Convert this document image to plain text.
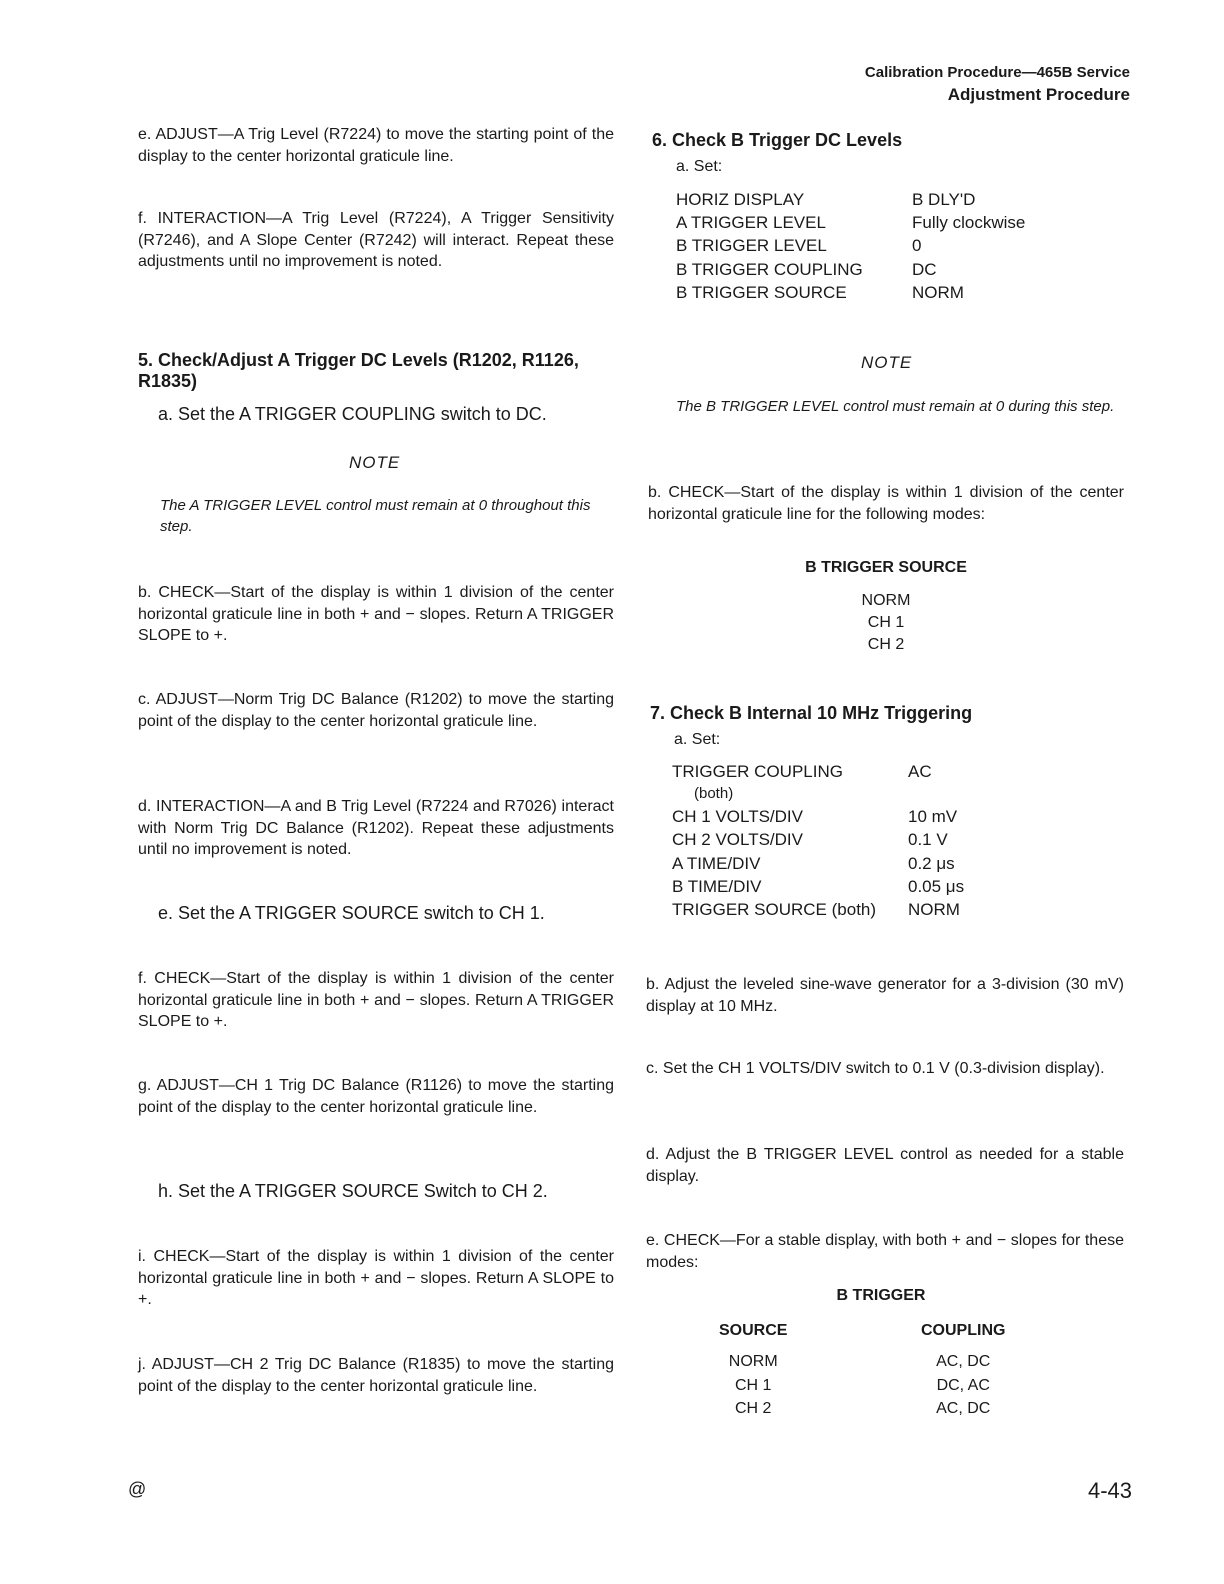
Calibration Procedure—465B Service
Adjustment Procedure
e. ADJUST—A Trig Level (R7224) to move the starting point of the display to the center horizontal graticule line.
f. INTERACTION—A Trig Level (R7224), A Trigger Sensitivity (R7246), and A Slope Center (R7242) will interact. Repeat these adjustments until no improvement is noted.
5. Check/Adjust A Trigger DC Levels (R1202, R1126, R1835)
a. Set the A TRIGGER COUPLING switch to DC.
NOTE
The A TRIGGER LEVEL control must remain at 0 throughout this step.
b. CHECK—Start of the display is within 1 division of the center horizontal graticule line in both + and − slopes. Return A TRIGGER SLOPE to +.
c. ADJUST—Norm Trig DC Balance (R1202) to move the starting point of the display to the center horizontal graticule line.
d. INTERACTION—A and B Trig Level (R7224 and R7026) interact with Norm Trig DC Balance (R1202). Repeat these adjustments until no improvement is noted.
e. Set the A TRIGGER SOURCE switch to CH 1.
f. CHECK—Start of the display is within 1 division of the center horizontal graticule line in both + and − slopes. Return A TRIGGER SLOPE to +.
g. ADJUST—CH 1 Trig DC Balance (R1126) to move the starting point of the display to the center horizontal graticule line.
h. Set the A TRIGGER SOURCE Switch to CH 2.
i. CHECK—Start of the display is within 1 division of the center horizontal graticule line in both + and − slopes. Return A SLOPE to +.
j. ADJUST—CH 2 Trig DC Balance (R1835) to move the starting point of the display to the center horizontal graticule line.
6. Check B Trigger DC Levels
a. Set:
HORIZ DISPLAY	B DLY'D
A TRIGGER LEVEL	Fully clockwise
B TRIGGER LEVEL	0
B TRIGGER COUPLING	DC
B TRIGGER SOURCE	NORM
NOTE
The B TRIGGER LEVEL control must remain at 0 during this step.
b. CHECK—Start of the display is within 1 division of the center horizontal graticule line for the following modes:
B TRIGGER SOURCE
NORM
CH 1
CH 2
7. Check B Internal 10 MHz Triggering
a. Set:
TRIGGER COUPLING	AC
(both)
CH 1 VOLTS/DIV	10 mV
CH 2 VOLTS/DIV	0.1 V
A TIME/DIV	0.2 μs
B TIME/DIV	0.05 μs
TRIGGER SOURCE (both)	NORM
b. Adjust the leveled sine-wave generator for a 3-division (30 mV) display at 10 MHz.
c. Set the CH 1 VOLTS/DIV switch to 0.1 V (0.3-division display).
d. Adjust the B TRIGGER LEVEL control as needed for a stable display.
e. CHECK—For a stable display, with both + and − slopes for these modes:
B TRIGGER
SOURCE	COUPLING
NORM	AC, DC
CH 1	DC, AC
CH 2	AC, DC
@	4-43
